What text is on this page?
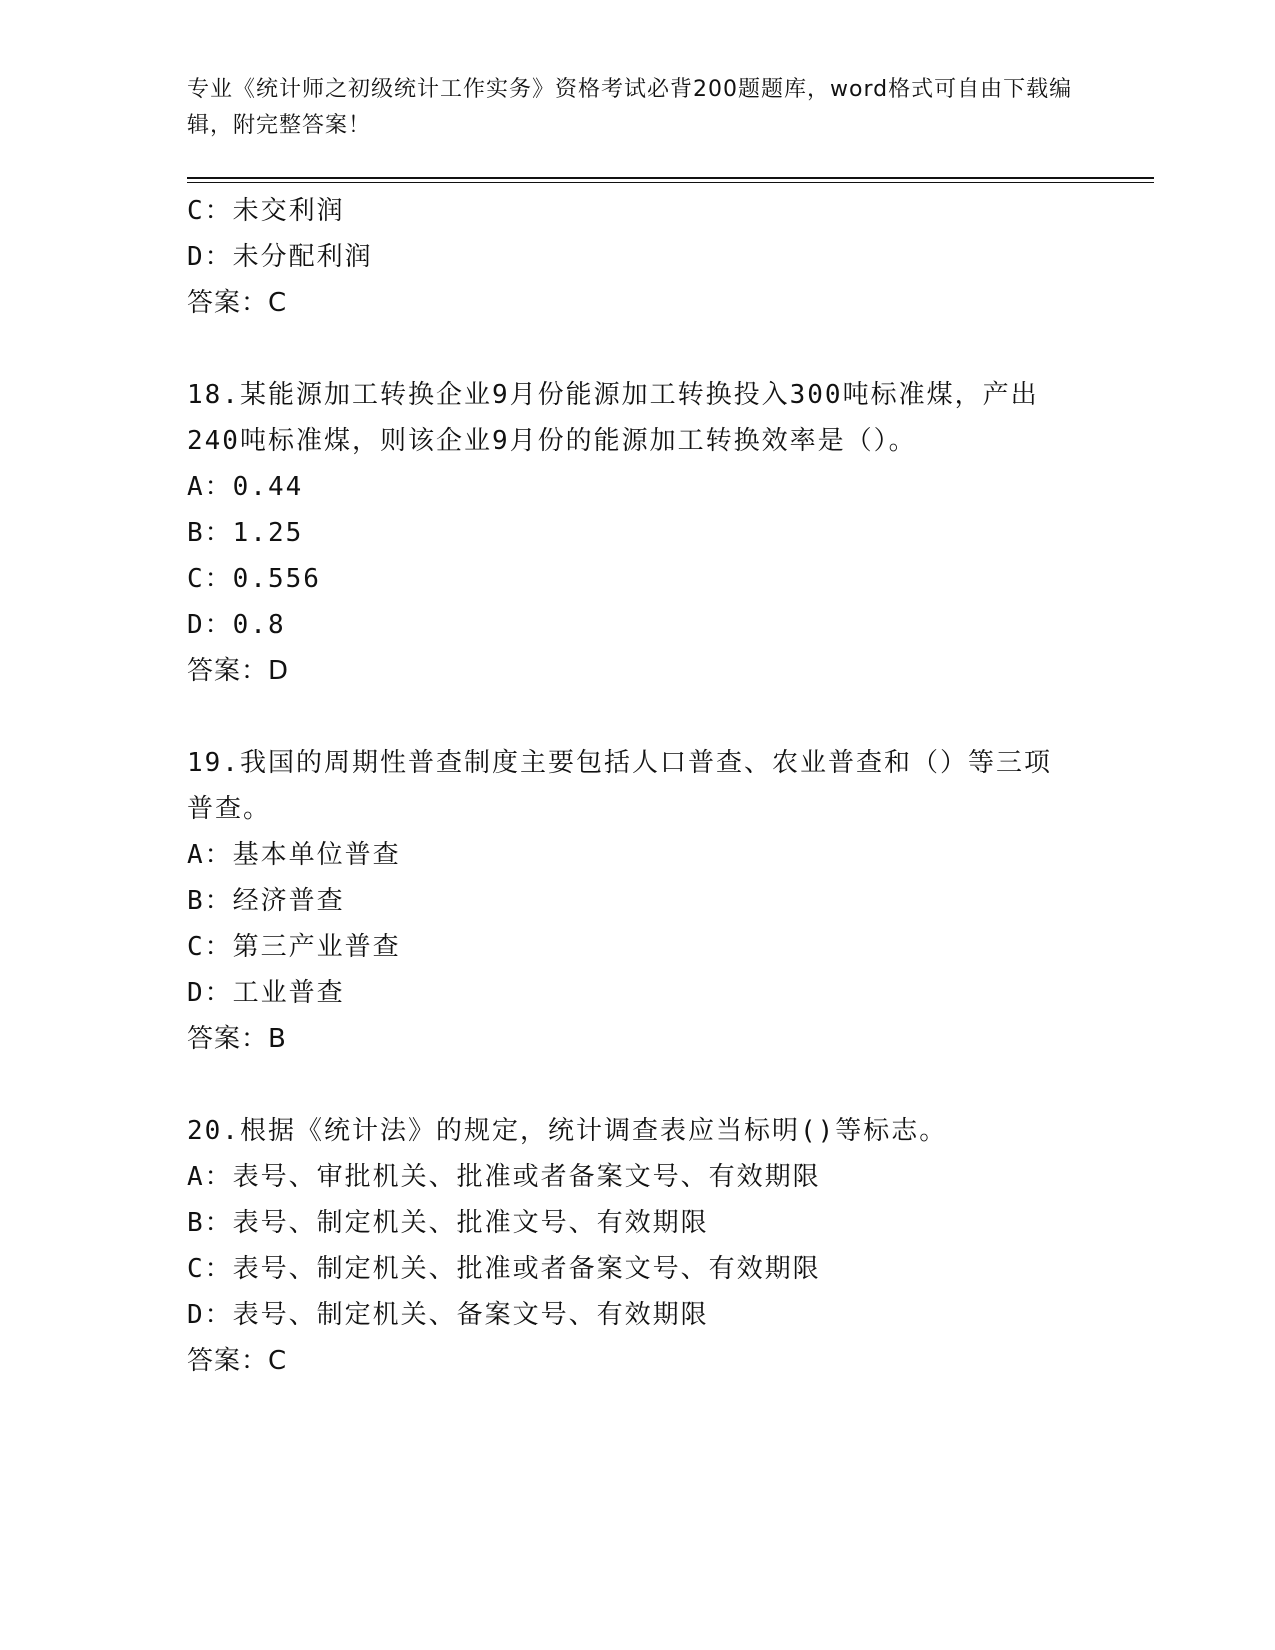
专业《统计师之初级统计工作实务》资格考试必背200题题库，word格式可自由下载编辑，附完整答案！
C：未交利润
D：未分配利润
答案：C
18.某能源加工转换企业9月份能源加工转换投入300吨标准煤，产出
240吨标准煤，则该企业9月份的能源加工转换效率是（）。
A：0.44
B：1.25
C：0.556
D：0.8
答案：D
19.我国的周期性普查制度主要包括人口普查、农业普查和（）等三项
普查。
A：基本单位普查
B：经济普查
C：第三产业普查
D：工业普查
答案：B
20.根据《统计法》的规定，统计调查表应当标明()等标志。
A：表号、审批机关、批准或者备案文号、有效期限
B：表号、制定机关、批准文号、有效期限
C：表号、制定机关、批准或者备案文号、有效期限
D：表号、制定机关、备案文号、有效期限
答案：C
